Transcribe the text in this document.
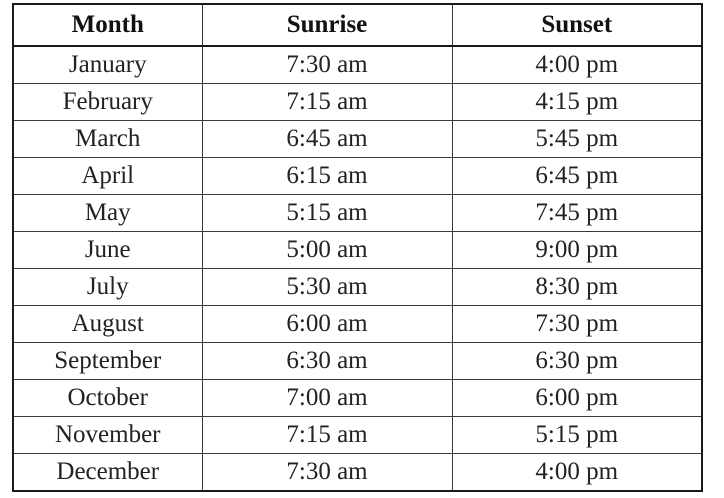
Month	Sunrise	Sunset
January	7:30 am	4:00 pm
February	7:15 am	4:15 pm
March	6:45 am	5:45 pm
April	6:15 am	6:45 pm
May	5:15 am	7:45 pm
June	5:00 am	9:00 pm
July	5:30 am	8:30 pm
August	6:00 am	7:30 pm
September	6:30 am	6:30 pm
October	7:00 am	6:00 pm
November	7:15 am	5:15 pm
December	7:30 am	4:00 pm
